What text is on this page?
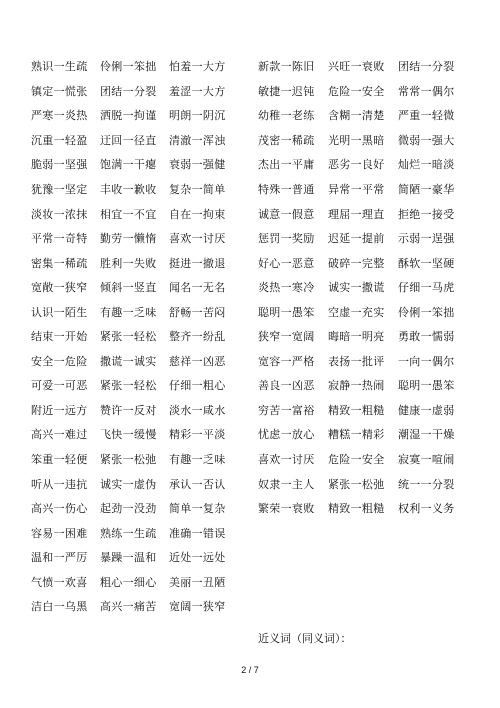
熟识一生疏	伶俐一笨拙	怕羞一大方
镇定一慌张	团结一分裂	羞涩一大方
严寒一炎热	洒脱一拘谨	明朗一阴沉
沉重一轻盈	迂回一径直	清澈一浑浊
脆弱一坚强	饱满一干瘪	衰弱一强健
犹豫一坚定	丰收一歉收	复杂一简单
淡妆一浓抹	相宜一不宜	自在一拘束
平常一奇特	勤劳一懒惰	喜欢一讨厌
密集一稀疏	胜利一失败	挺进一撤退
宽敞一狭窄	倾斜一竖直	闻名一无名
认识一陌生	有趣一乏味	舒畅一苦闷
结束一开始	紧张一轻松	整齐一纷乱
安全一危险	撒谎一诚实	慈祥一凶恶
可爱一可恶	紧张一轻松	仔细一粗心
附近一远方	赞许一反对	淡水一咸水
高兴一难过	飞快一缓慢	精彩一平淡
笨重一轻便	紧张一松弛	有趣一乏味
听从一违抗	诚实一虚伪	承认一否认
高兴一伤心	起劲一没劲	简单一复杂
容易一困难	熟练一生疏	准确一错误
温和一严厉	暴躁一温和	近处一远处
气愤一欢喜	粗心一细心	美丽一丑陋
洁白一乌黑	高兴一痛苦	宽阔一狭窄
新款一陈旧	兴旺一衰败	团结一分裂
敏捷一迟钝	危险一安全	常常一偶尔
幼稚一老练	含糊一清楚	严重一轻微
茂密一稀疏	光明一黑暗	微弱一强大
杰出一平庸	恶劣一良好	灿烂一暗淡
特殊一普通	异常一平常	简陋一豪华
诚意一假意	理屈一理直	拒绝一接受
惩罚一奖励	迟延一提前	示弱一逞强
好心一恶意	破碎一完整	酥软一坚硬
炎热一寒冷	诚实一撒谎	仔细一马虎
聪明一愚笨	空虚一充实	伶俐一笨拙
狭窄一宽阔	晦暗一明亮	勇敢一懦弱
宽容一严格	表扬一批评	一向一偶尔
善良一凶恶	寂静一热闹	聪明一愚笨
穷苦一富裕	精致一粗糙	健康一虚弱
忧虑一放心	糟糕一精彩	潮湿一干燥
喜欢一讨厌	危险一安全	寂寞一喧闹
奴隶一主人	紧张一松弛	统一一分裂
繁荣一衰败	精致一粗糙	权利一义务
近义词（同义词）：
2 / 7
